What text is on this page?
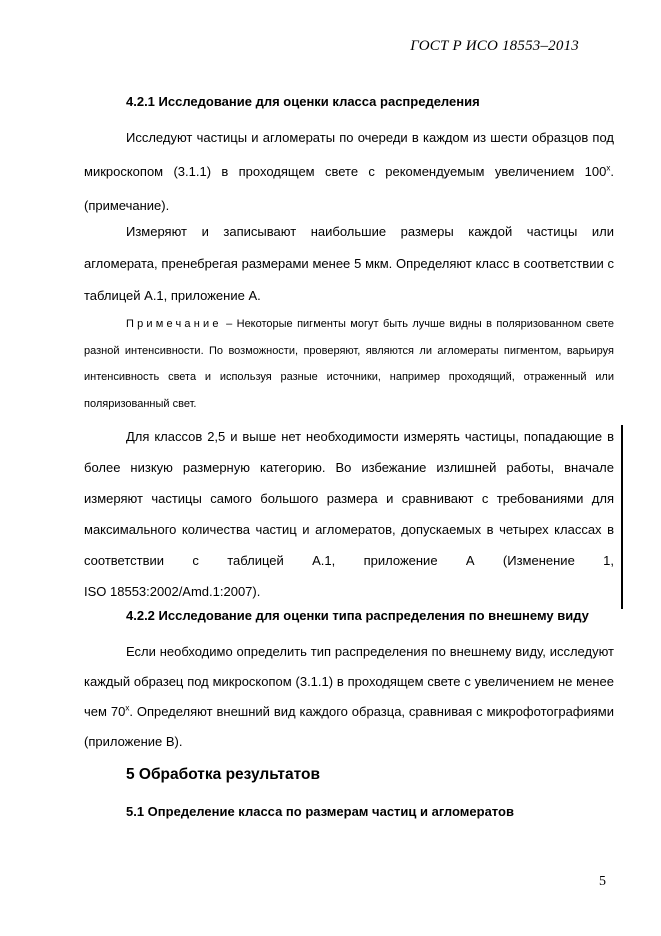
ГОСТ Р ИСО 18553–2013
4.2.1 Исследование для оценки класса распределения
Исследуют частицы и агломераты по очереди в каждом из шести образцов под микроскопом (3.1.1) в проходящем свете с рекомендуемым увеличением 100$^x$. (примечание).
Измеряют и записывают наибольшие размеры каждой частицы или агломерата, пренебрегая размерами менее 5 мкм. Определяют класс в соответствии с таблицей А.1, приложение А.
Примечание – Некоторые пигменты могут быть лучше видны в поляризованном свете разной интенсивности. По возможности, проверяют, являются ли агломераты пигментом, варьируя интенсивность света и используя разные источники, например проходящий, отраженный или поляризованный свет.
Для классов 2,5 и выше нет необходимости измерять частицы, попадающие в более низкую размерную категорию. Во избежание излишней работы, вначале измеряют частицы самого большого размера и сравнивают с требованиями для максимального количества частиц и агломератов, допускаемых в четырех классах в соответствии с таблицей А.1, приложение А (Изменение 1,
ISO 18553:2002/Amd.1:2007).
4.2.2 Исследование для оценки типа распределения по внешнему виду
Если необходимо определить тип распределения по внешнему виду, исследуют каждый образец под микроскопом (3.1.1) в проходящем свете с увеличением не менее чем 70$^x$. Определяют внешний вид каждого образца, сравнивая с микрофотографиями (приложение В).
5 Обработка результатов
5.1 Определение класса по размерам частиц и агломератов
5
